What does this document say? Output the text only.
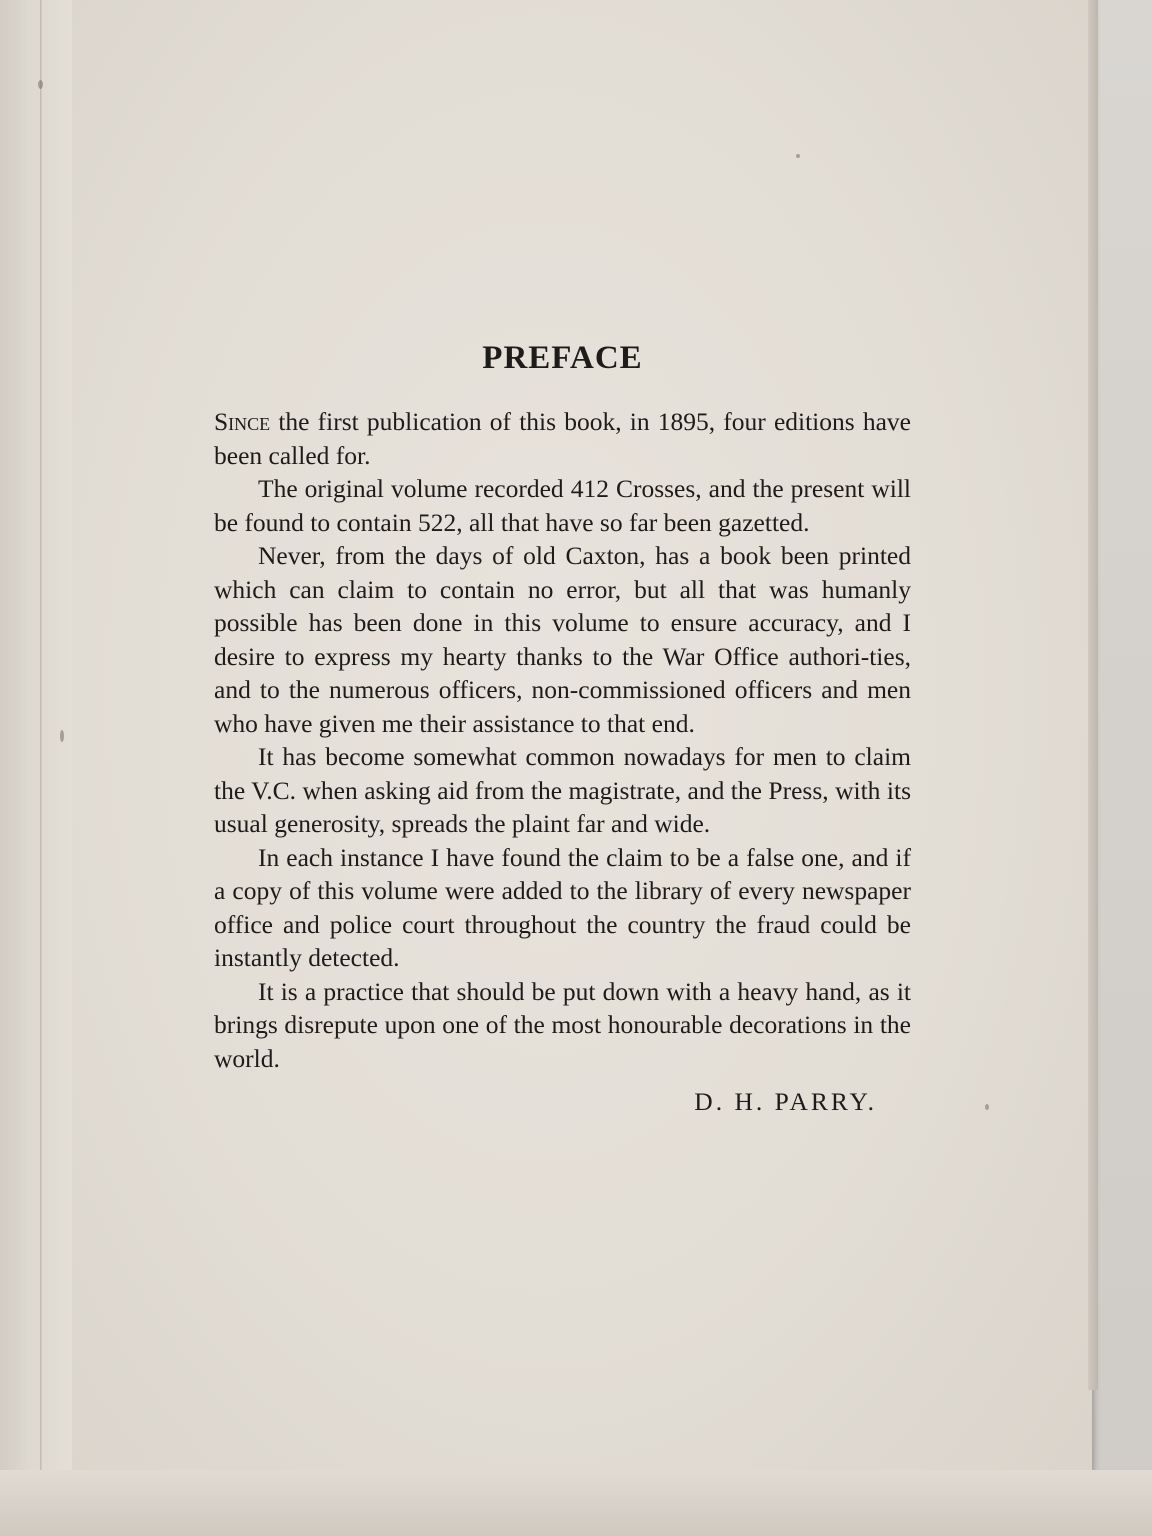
PREFACE

Since the first publication of this book, in 1895, four editions have been called for.

The original volume recorded 412 Crosses, and the present will be found to contain 522, all that have so far been gazetted.

Never, from the days of old Caxton, has a book been printed which can claim to contain no error, but all that was humanly possible has been done in this volume to ensure accuracy, and I desire to express my hearty thanks to the War Office authori-ties, and to the numerous officers, non-commissioned officers and men who have given me their assistance to that end.

It has become somewhat common nowadays for men to claim the V.C. when asking aid from the magistrate, and the Press, with its usual generosity, spreads the plaint far and wide.

In each instance I have found the claim to be a false one, and if a copy of this volume were added to the library of every newspaper office and police court throughout the country the fraud could be instantly detected.

It is a practice that should be put down with a heavy hand, as it brings disrepute upon one of the most honourable decorations in the world.

D. H. PARRY.
